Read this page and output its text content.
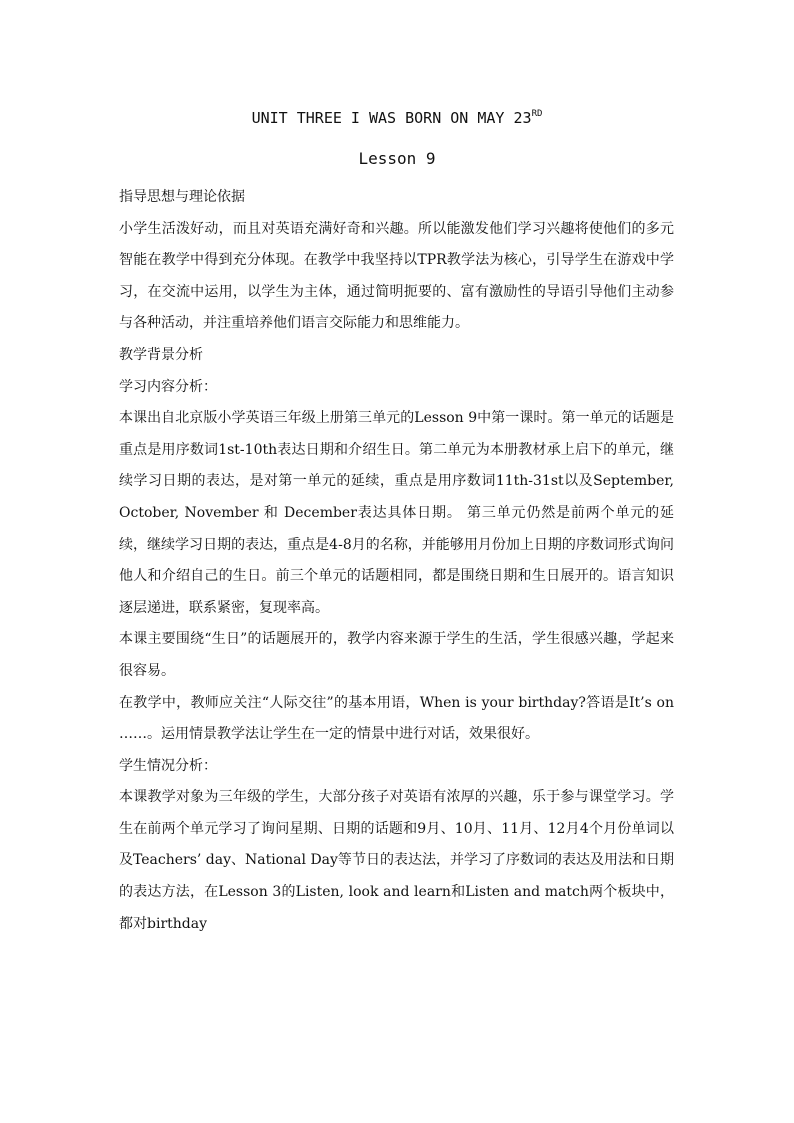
UNIT THREE I WAS BORN ON MAY 23RD
Lesson 9

指导思想与理论依据

小学生活泼好动，而且对英语充满好奇和兴趣。所以能激发他们学习兴趣将使他们的多元智能在教学中得到充分体现。在教学中我坚持以TPR教学法为核心，引导学生在游戏中学习，在交流中运用，以学生为主体，通过简明扼要的、富有激励性的导语引导他们主动参与各种活动，并注重培养他们语言交际能力和思维能力。

教学背景分析

学习内容分析：

本课出自北京版小学英语三年级上册第三单元的Lesson 9中第一课时。第一单元的话题是重点是用序数词1st-10th表达日期和介绍生日。第二单元为本册教材承上启下的单元，继续学习日期的表达，是对第一单元的延续，重点是用序数词11th-31st以及September, October, November 和 December表达具体日期。 第三单元仍然是前两个单元的延续，继续学习日期的表达，重点是4-8月的名称，并能够用月份加上日期的序数词形式询问他人和介绍自己的生日。前三个单元的话题相同，都是围绕日期和生日展开的。语言知识逐层递进，联系紧密，复现率高。

本课主要围绕“生日”的话题展开的，教学内容来源于学生的生活，学生很感兴趣，学起来很容易。

在教学中，教师应关注“人际交往”的基本用语，When is your birthday?答语是It’s on ……。运用情景教学法让学生在一定的情景中进行对话，效果很好。

学生情况分析：

本课教学对象为三年级的学生，大部分孩子对英语有浓厚的兴趣，乐于参与课堂学习。学生在前两个单元学习了询问星期、日期的话题和9月、10月、11月、12月4个月份单词以及Teachers’ day、National Day等节日的表达法，并学习了序数词的表达及用法和日期的表达方法，在Lesson 3的Listen, look and learn和Listen and match两个板块中，都对birthday
